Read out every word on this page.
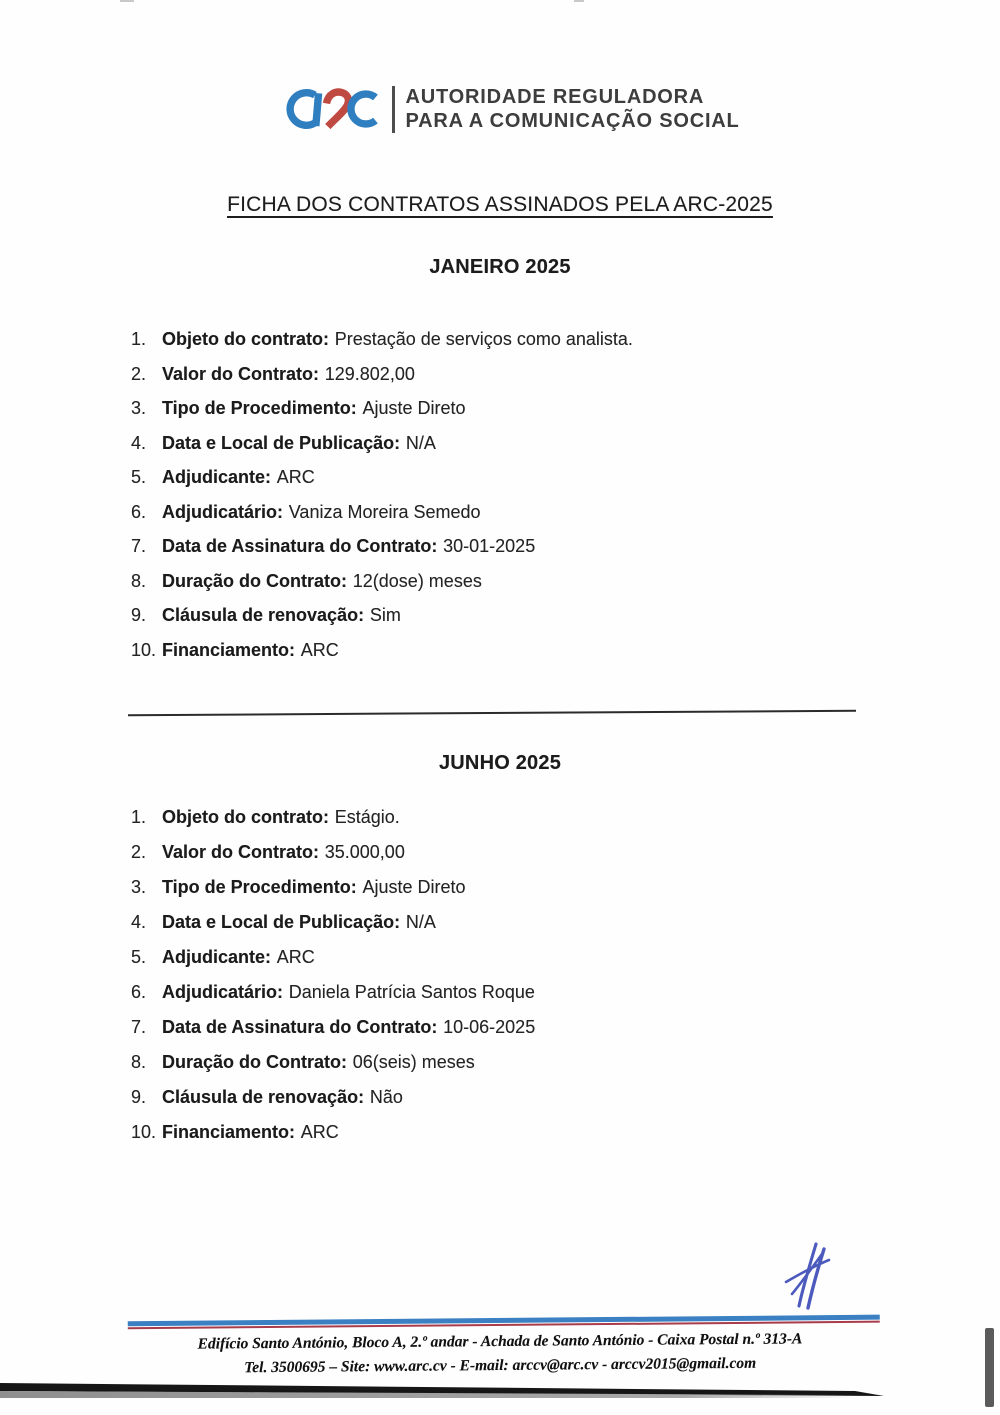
AUTORIDADE REGULADORA
PARA A COMUNICAÇÃO SOCIAL
FICHA DOS CONTRATOS ASSINADOS PELA ARC-2025
JANEIRO 2025
1. Objeto do contrato: Prestação de serviços como analista.
2. Valor do Contrato: 129.802,00
3. Tipo de Procedimento: Ajuste Direto
4. Data e Local de Publicação: N/A
5. Adjudicante: ARC
6. Adjudicatário: Vaniza Moreira Semedo
7. Data de Assinatura do Contrato: 30-01-2025
8. Duração do Contrato: 12(dose) meses
9. Cláusula de renovação: Sim
10. Financiamento: ARC
JUNHO 2025
1. Objeto do contrato: Estágio.
2. Valor do Contrato: 35.000,00
3. Tipo de Procedimento: Ajuste Direto
4. Data e Local de Publicação: N/A
5. Adjudicante: ARC
6. Adjudicatário: Daniela Patrícia Santos Roque
7. Data de Assinatura do Contrato: 10-06-2025
8. Duração do Contrato: 06(seis) meses
9. Cláusula de renovação: Não
10. Financiamento: ARC
Edifício Santo António, Bloco A, 2.º andar - Achada de Santo António - Caixa Postal n.º 313-A
Tel. 3500695 – Site: www.arc.cv - E-mail: arccv@arc.cv - arccv2015@gmail.com
